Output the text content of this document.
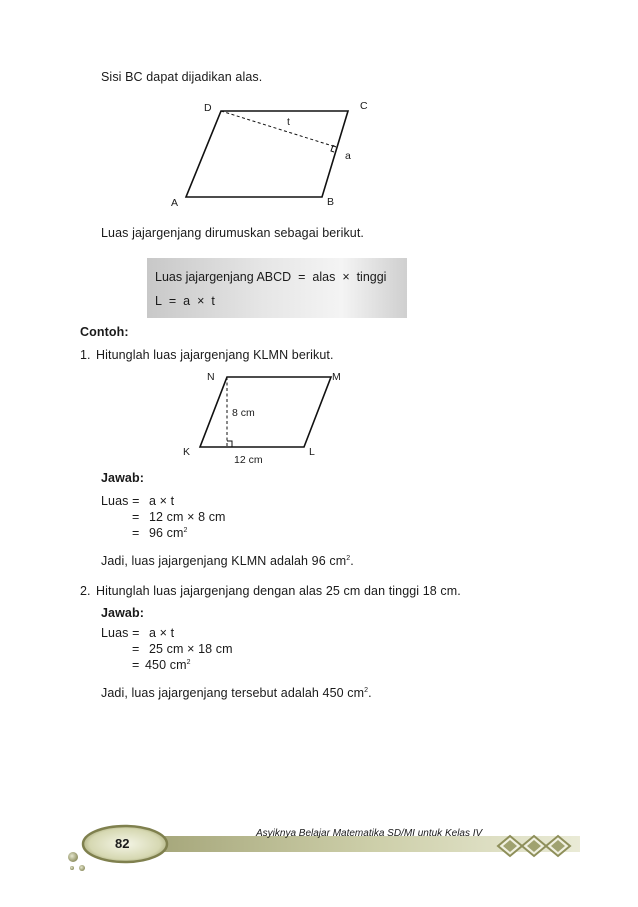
Sisi BC dapat dijadikan alas.
D	C
A	B
t
a
Luas jajargenjang dirumuskan sebagai berikut.
Luas jajargenjang ABCD = alas × tinggi
L = a × t
Contoh:
1. Hitunglah luas jajargenjang KLMN berikut.
N	M
K	L
8 cm
12 cm
Jawab:
Luas = a × t
= 12 cm × 8 cm
= 96 $cm^2$
Jadi, luas jajargenjang KLMN adalah 96 $cm^2$.
2. Hitunglah luas jajargenjang dengan alas 25 cm dan tinggi 18 cm.
Jawab:
Luas = a × t
= 25 cm × 18 cm
= 450 $cm^2$
Jadi, luas jajargenjang tersebut adalah 450 $cm^2$.
82
Asyiknya Belajar Matematika SD/MI untuk Kelas IV
